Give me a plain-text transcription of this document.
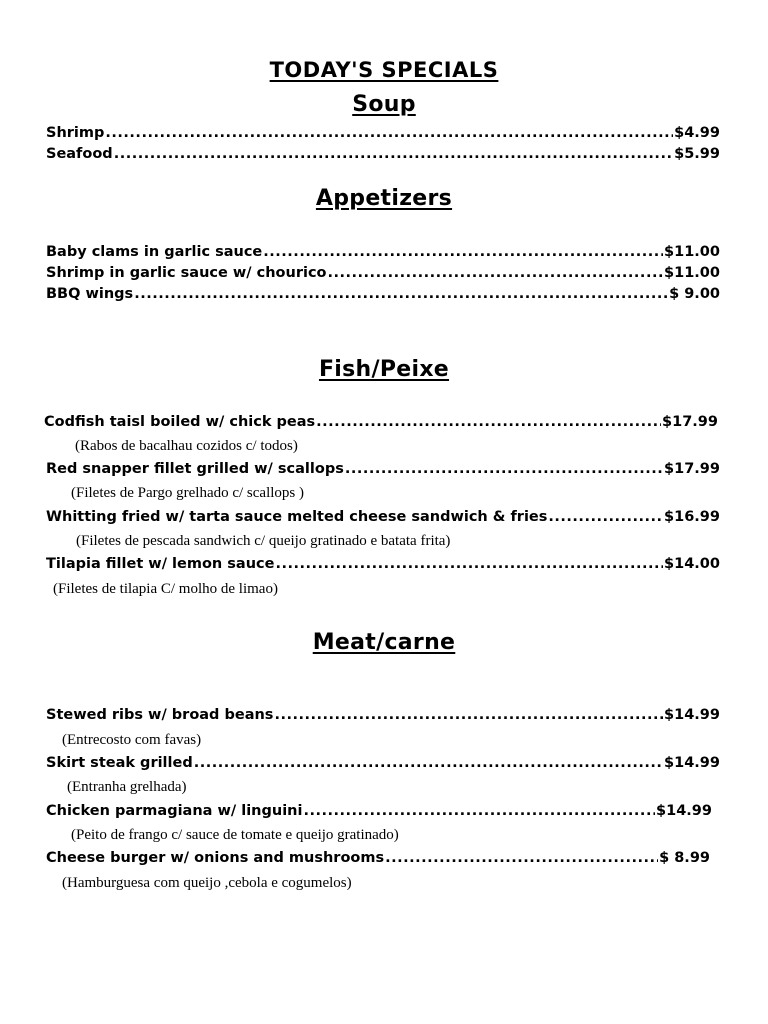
TODAY'S SPECIALS
Soup
Shrimp .....	$4.99
Seafood .....	$5.99
Appetizers
Baby clams in garlic sauce .....	$11.00
Shrimp in garlic sauce w/ chourico .....	$11.00
BBQ wings .....	$ 9.00
Fish/Peixe
Codfish taisl boiled w/ chick peas .....	$17.99
(Rabos de bacalhau cozidos c/ todos)
Red snapper fillet grilled w/ scallops .....	$17.99
(Filetes de Pargo grelhado c/ scallops )
Whitting fried w/ tarta sauce melted cheese sandwich & fries .....	$16.99
(Filetes de pescada sandwich c/ queijo gratinado e batata frita)
Tilapia fillet w/ lemon sauce .....	$14.00
(Filetes de tilapia C/ molho de limao)
Meat/carne
Stewed ribs w/ broad beans .....	$14.99
(Entrecosto com favas)
Skirt steak grilled .....	$14.99
(Entranha grelhada)
Chicken parmagiana w/ linguini .....	$14.99
(Peito de frango c/ sauce de tomate e queijo gratinado)
Cheese burger w/ onions and mushrooms .....	$ 8.99
(Hamburguesa com queijo ,cebola e cogumelos)
